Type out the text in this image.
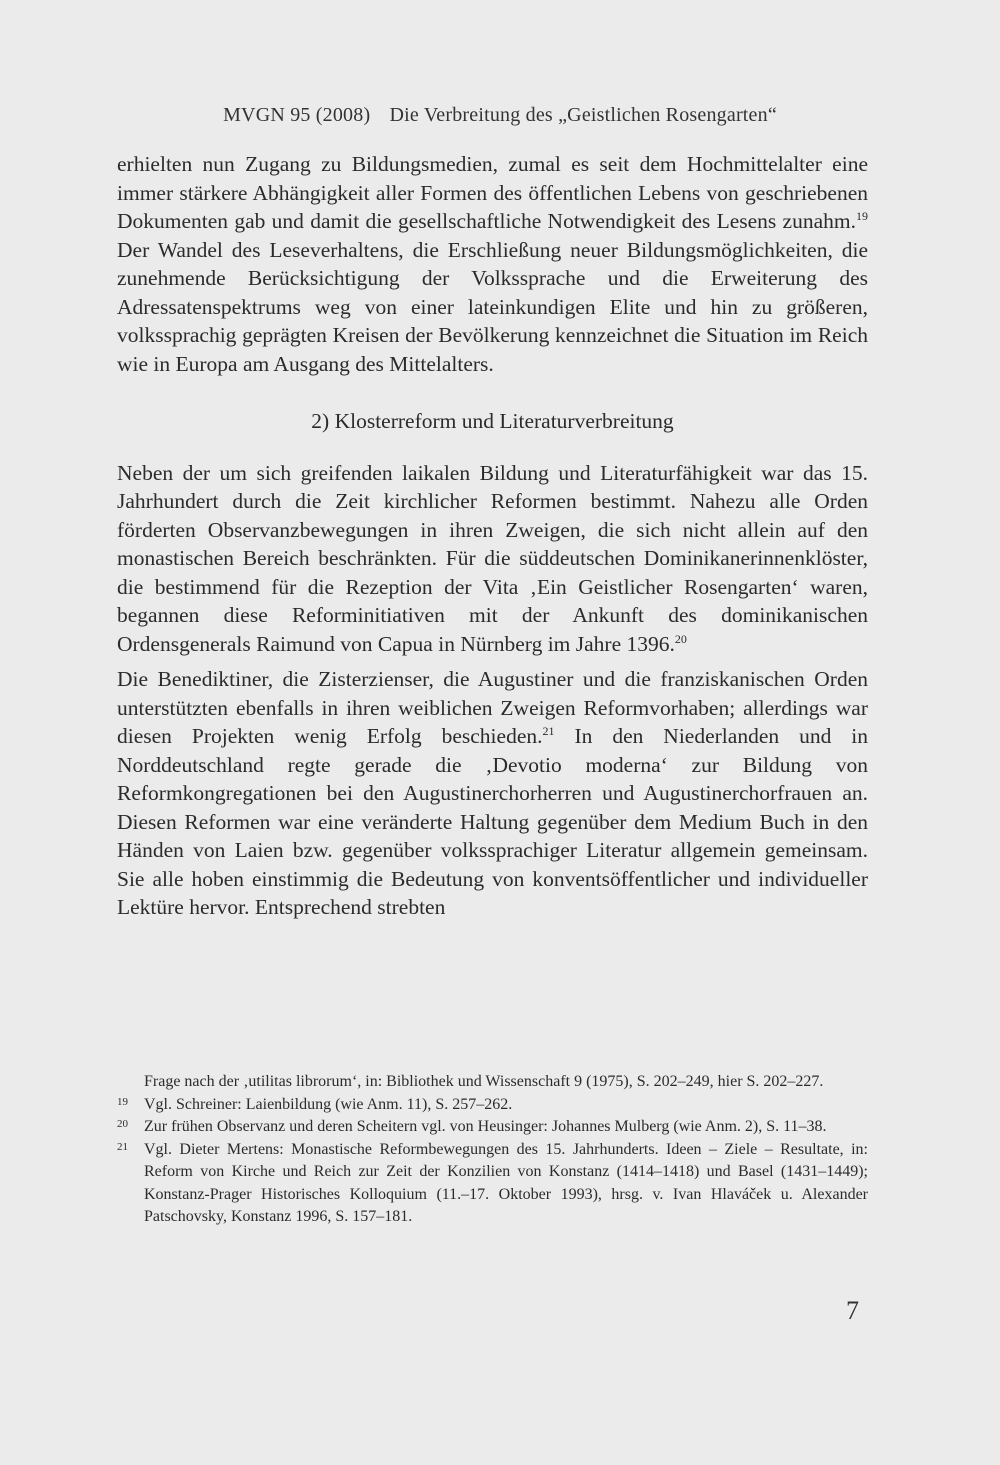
MVGN 95 (2008) Die Verbreitung des „Geistlichen Rosengarten“

erhielten nun Zugang zu Bildungsmedien, zumal es seit dem Hochmittelalter eine immer stärkere Abhängigkeit aller Formen des öffentlichen Lebens von geschriebenen Dokumenten gab und damit die gesellschaftliche Notwendigkeit des Lesens zunahm.$^{19}$ Der Wandel des Leseverhaltens, die Erschließung neuer Bildungsmöglichkeiten, die zunehmende Berücksichtigung der Volkssprache und die Erweiterung des Adressatenspektrums weg von einer lateinkundigen Elite und hin zu größeren, volkssprachig geprägten Kreisen der Bevölkerung kennzeichnet die Situation im Reich wie in Europa am Ausgang des Mittelalters.

2) Klosterreform und Literaturverbreitung

Neben der um sich greifenden laikalen Bildung und Literaturfähigkeit war das 15. Jahrhundert durch die Zeit kirchlicher Reformen bestimmt. Nahezu alle Orden förderten Observanzbewegungen in ihren Zweigen, die sich nicht allein auf den monastischen Bereich beschränkten. Für die süddeutschen Dominikanerinnenklöster, die bestimmend für die Rezeption der Vita ‚Ein Geistlicher Rosengarten‘ waren, begannen diese Reforminitiativen mit der Ankunft des dominikanischen Ordensgenerals Raimund von Capua in Nürnberg im Jahre 1396.20

Die Benediktiner, die Zisterzienser, die Augustiner und die franziskanischen Orden unterstützten ebenfalls in ihren weiblichen Zweigen Reformvorhaben; allerdings war diesen Projekten wenig Erfolg beschieden.$^{21}$ In den Niederlanden und in Norddeutschland regte gerade die ‚Devotio moderna‘ zur Bildung von Reformkongregationen bei den Augustinerchorherren und Augustinerchorfrauen an. Diesen Reformen war eine veränderte Haltung gegenüber dem Medium Buch in den Händen von Laien bzw. gegenüber volkssprachiger Literatur allgemein gemeinsam. Sie alle hoben einstimmig die Bedeutung von konventsöffentlicher und individueller Lektüre hervor. Entsprechend strebten

Frage nach der ‚utilitas librorum‘, in: Bibliothek und Wissenschaft 9 (1975), S. 202–249, hier S. 202–227.
19 Vgl. Schreiner: Laienbildung (wie Anm. 11), S. 257–262.
20 Zur frühen Observanz und deren Scheitern vgl. von Heusinger: Johannes Mulberg (wie Anm. 2), S. 11–38.
21 Vgl. Dieter Mertens: Monastische Reformbewegungen des 15. Jahrhunderts. Ideen – Ziele – Resultate, in: Reform von Kirche und Reich zur Zeit der Konzilien von Konstanz (1414–1418) und Basel (1431–1449); Konstanz-Prager Historisches Kolloquium (11.–17. Oktober 1993), hrsg. v. Ivan Hlaváček u. Alexander Patschovsky, Konstanz 1996, S. 157–181.
7
